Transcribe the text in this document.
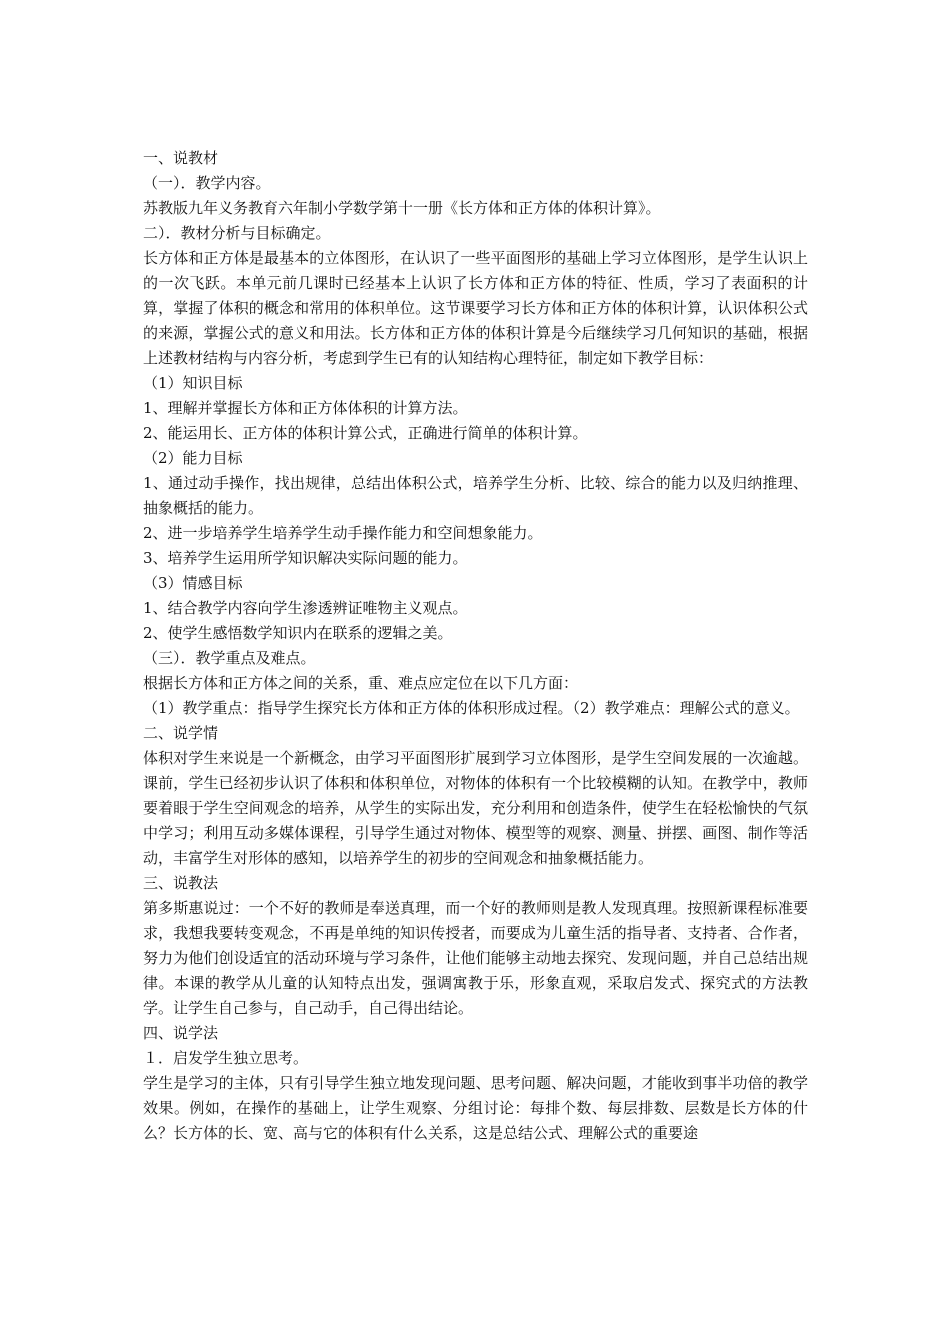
一、说教材

（一）．教学内容。

苏教版九年义务教育六年制小学数学第十一册《长方体和正方体的体积计算》。

二）．教材分析与目标确定。

长方体和正方体是最基本的立体图形，在认识了一些平面图形的基础上学习立体图形，是学生认识上的一次飞跃。本单元前几课时已经基本上认识了长方体和正方体的特征、性质，学习了表面积的计算，掌握了体积的概念和常用的体积单位。这节课要学习长方体和正方体的体积计算，认识体积公式的来源，掌握公式的意义和用法。长方体和正方体的体积计算是今后继续学习几何知识的基础，根据上述教材结构与内容分析，考虑到学生已有的认知结构心理特征，制定如下教学目标：

（1）知识目标

1、理解并掌握长方体和正方体体积的计算方法。

2、能运用长、正方体的体积计算公式，正确进行简单的体积计算。

（2）能力目标

1、通过动手操作，找出规律，总结出体积公式，培养学生分析、比较、综合的能力以及归纳推理、抽象概括的能力。

2、进一步培养学生培养学生动手操作能力和空间想象能力。

3、培养学生运用所学知识解决实际问题的能力。

（3）情感目标

1、结合教学内容向学生渗透辨证唯物主义观点。

2、使学生感悟数学知识内在联系的逻辑之美。

（三）．教学重点及难点。

根据长方体和正方体之间的关系，重、难点应定位在以下几方面：

（1）教学重点：指导学生探究长方体和正方体的体积形成过程。（2）教学难点：理解公式的意义。

二、说学情

体积对学生来说是一个新概念，由学习平面图形扩展到学习立体图形，是学生空间发展的一次逾越。课前，学生已经初步认识了体积和体积单位，对物体的体积有一个比较模糊的认知。在教学中，教师要着眼于学生空间观念的培养，从学生的实际出发，充分利用和创造条件，使学生在轻松愉快的气氛中学习；利用互动多媒体课程，引导学生通过对物体、模型等的观察、测量、拼摆、画图、制作等活动，丰富学生对形体的感知，以培养学生的初步的空间观念和抽象概括能力。

三、说教法

第多斯惠说过：一个不好的教师是奉送真理，而一个好的教师则是教人发现真理。按照新课程标准要求，我想我要转变观念，不再是单纯的知识传授者，而要成为儿童生活的指导者、支持者、合作者，努力为他们创设适宜的活动环境与学习条件，让他们能够主动地去探究、发现问题，并自己总结出规律。本课的教学从儿童的认知特点出发，强调寓教于乐，形象直观，采取启发式、探究式的方法教学。让学生自己参与，自己动手，自己得出结论。

四、说学法

１．启发学生独立思考。

学生是学习的主体，只有引导学生独立地发现问题、思考问题、解决问题，才能收到事半功倍的教学效果。例如，在操作的基础上，让学生观察、分组讨论：每排个数、每层排数、层数是长方体的什么？长方体的长、宽、高与它的体积有什么关系，这是总结公式、理解公式的重要途
